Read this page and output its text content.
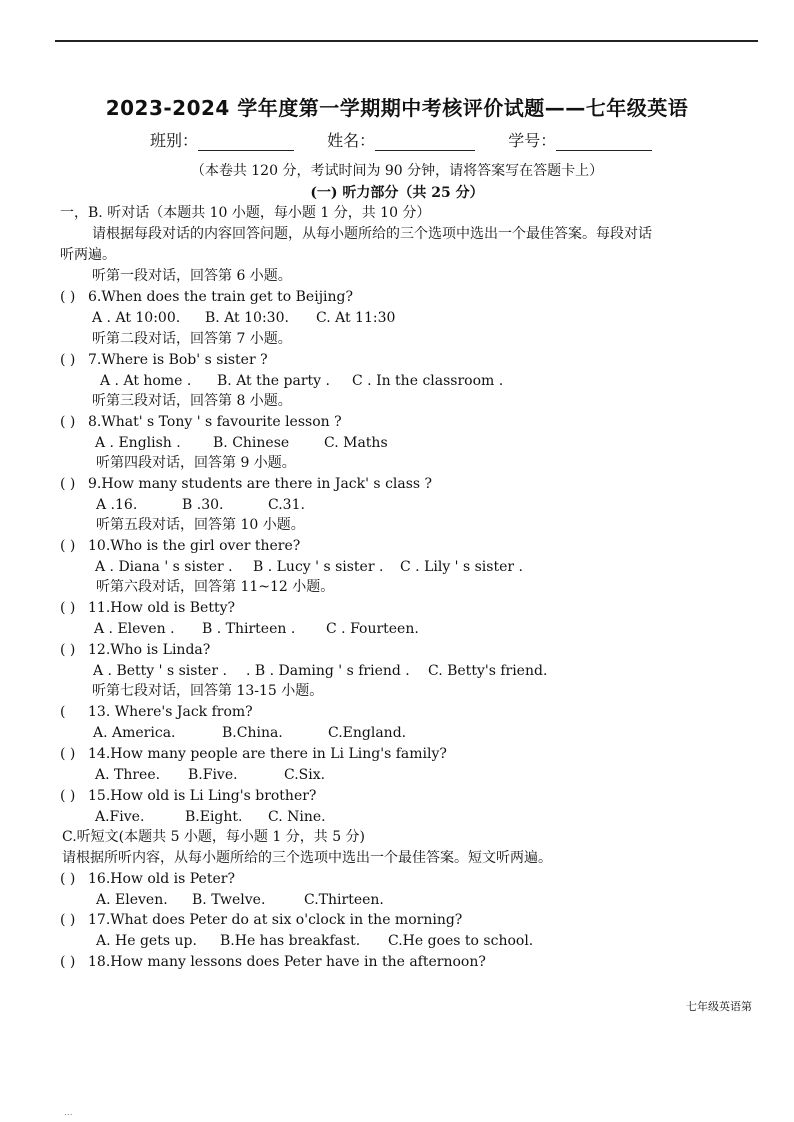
2023-2024 学年度第一学期期中考核评价试题——七年级英语
班别：	姓名：	学号：
（本卷共 120 分，考试时间为 90 分钟，请将答案写在答题卡上）
(一) 听力部分（共 25 分）
一，B. 听对话（本题共 10 小题，每小题 1 分，共 10 分）
请根据每段对话的内容回答问题，从每小题所给的三个选项中选出一个最佳答案。每段对话
听两遍。
听第一段对话，回答第 6 小题。
( ) 6.When does the train get to Beijing?
A . At 10:00. B. At 10:30. C. At 11:30
听第二段对话，回答第 7 小题。
( ) 7.Where is Bob' s sister ?
A . At home . B. At the party . C . In the classroom .
听第三段对话，回答第 8 小题。
( ) 8.What' s Tony ' s favourite lesson ?
A . English . B. Chinese C. Maths
听第四段对话，回答第 9 小题。
( ) 9.How many students are there in Jack' s class ?
A .16.	B .30.	C.31.
听第五段对话，回答第 10 小题。
( ) 10.Who is the girl over there?
A . Diana ' s sister . B . Lucy ' s sister . C . Lily ' s sister .
听第六段对话，回答第 11~12 小题。
( ) 11.How old is Betty?
A . Eleven . B . Thirteen . C . Fourteen.
( ) 12.Who is Linda?
A . Betty ' s sister . . B . Daming ' s friend . C. Betty's friend.
听第七段对话，回答第 13-15 小题。
(13. Where's Jack from?
A. America.	B.China.	C.England.
( ) 14.How many people are there in Li Ling's family?
A. Three. B.Five.	C.Six.
( ) 15.How old is Li Ling's brother?
A.Five.	B.Eight. C. Nine.
C.听短文(本题共 5 小题，每小题 1 分，共 5 分)
请根据所听内容，从每小题所给的三个选项中选出一个最佳答案。短文听两遍。
( ) 16.How old is Peter?
A. Eleven. B. Twelve.	C.Thirteen.
( ) 17.What does Peter do at six o'clock in the morning?
A. He gets up. B.He has breakfast. C.He goes to school.
( ) 18.How many lessons does Peter have in the afternoon?
七年级英语第
...
